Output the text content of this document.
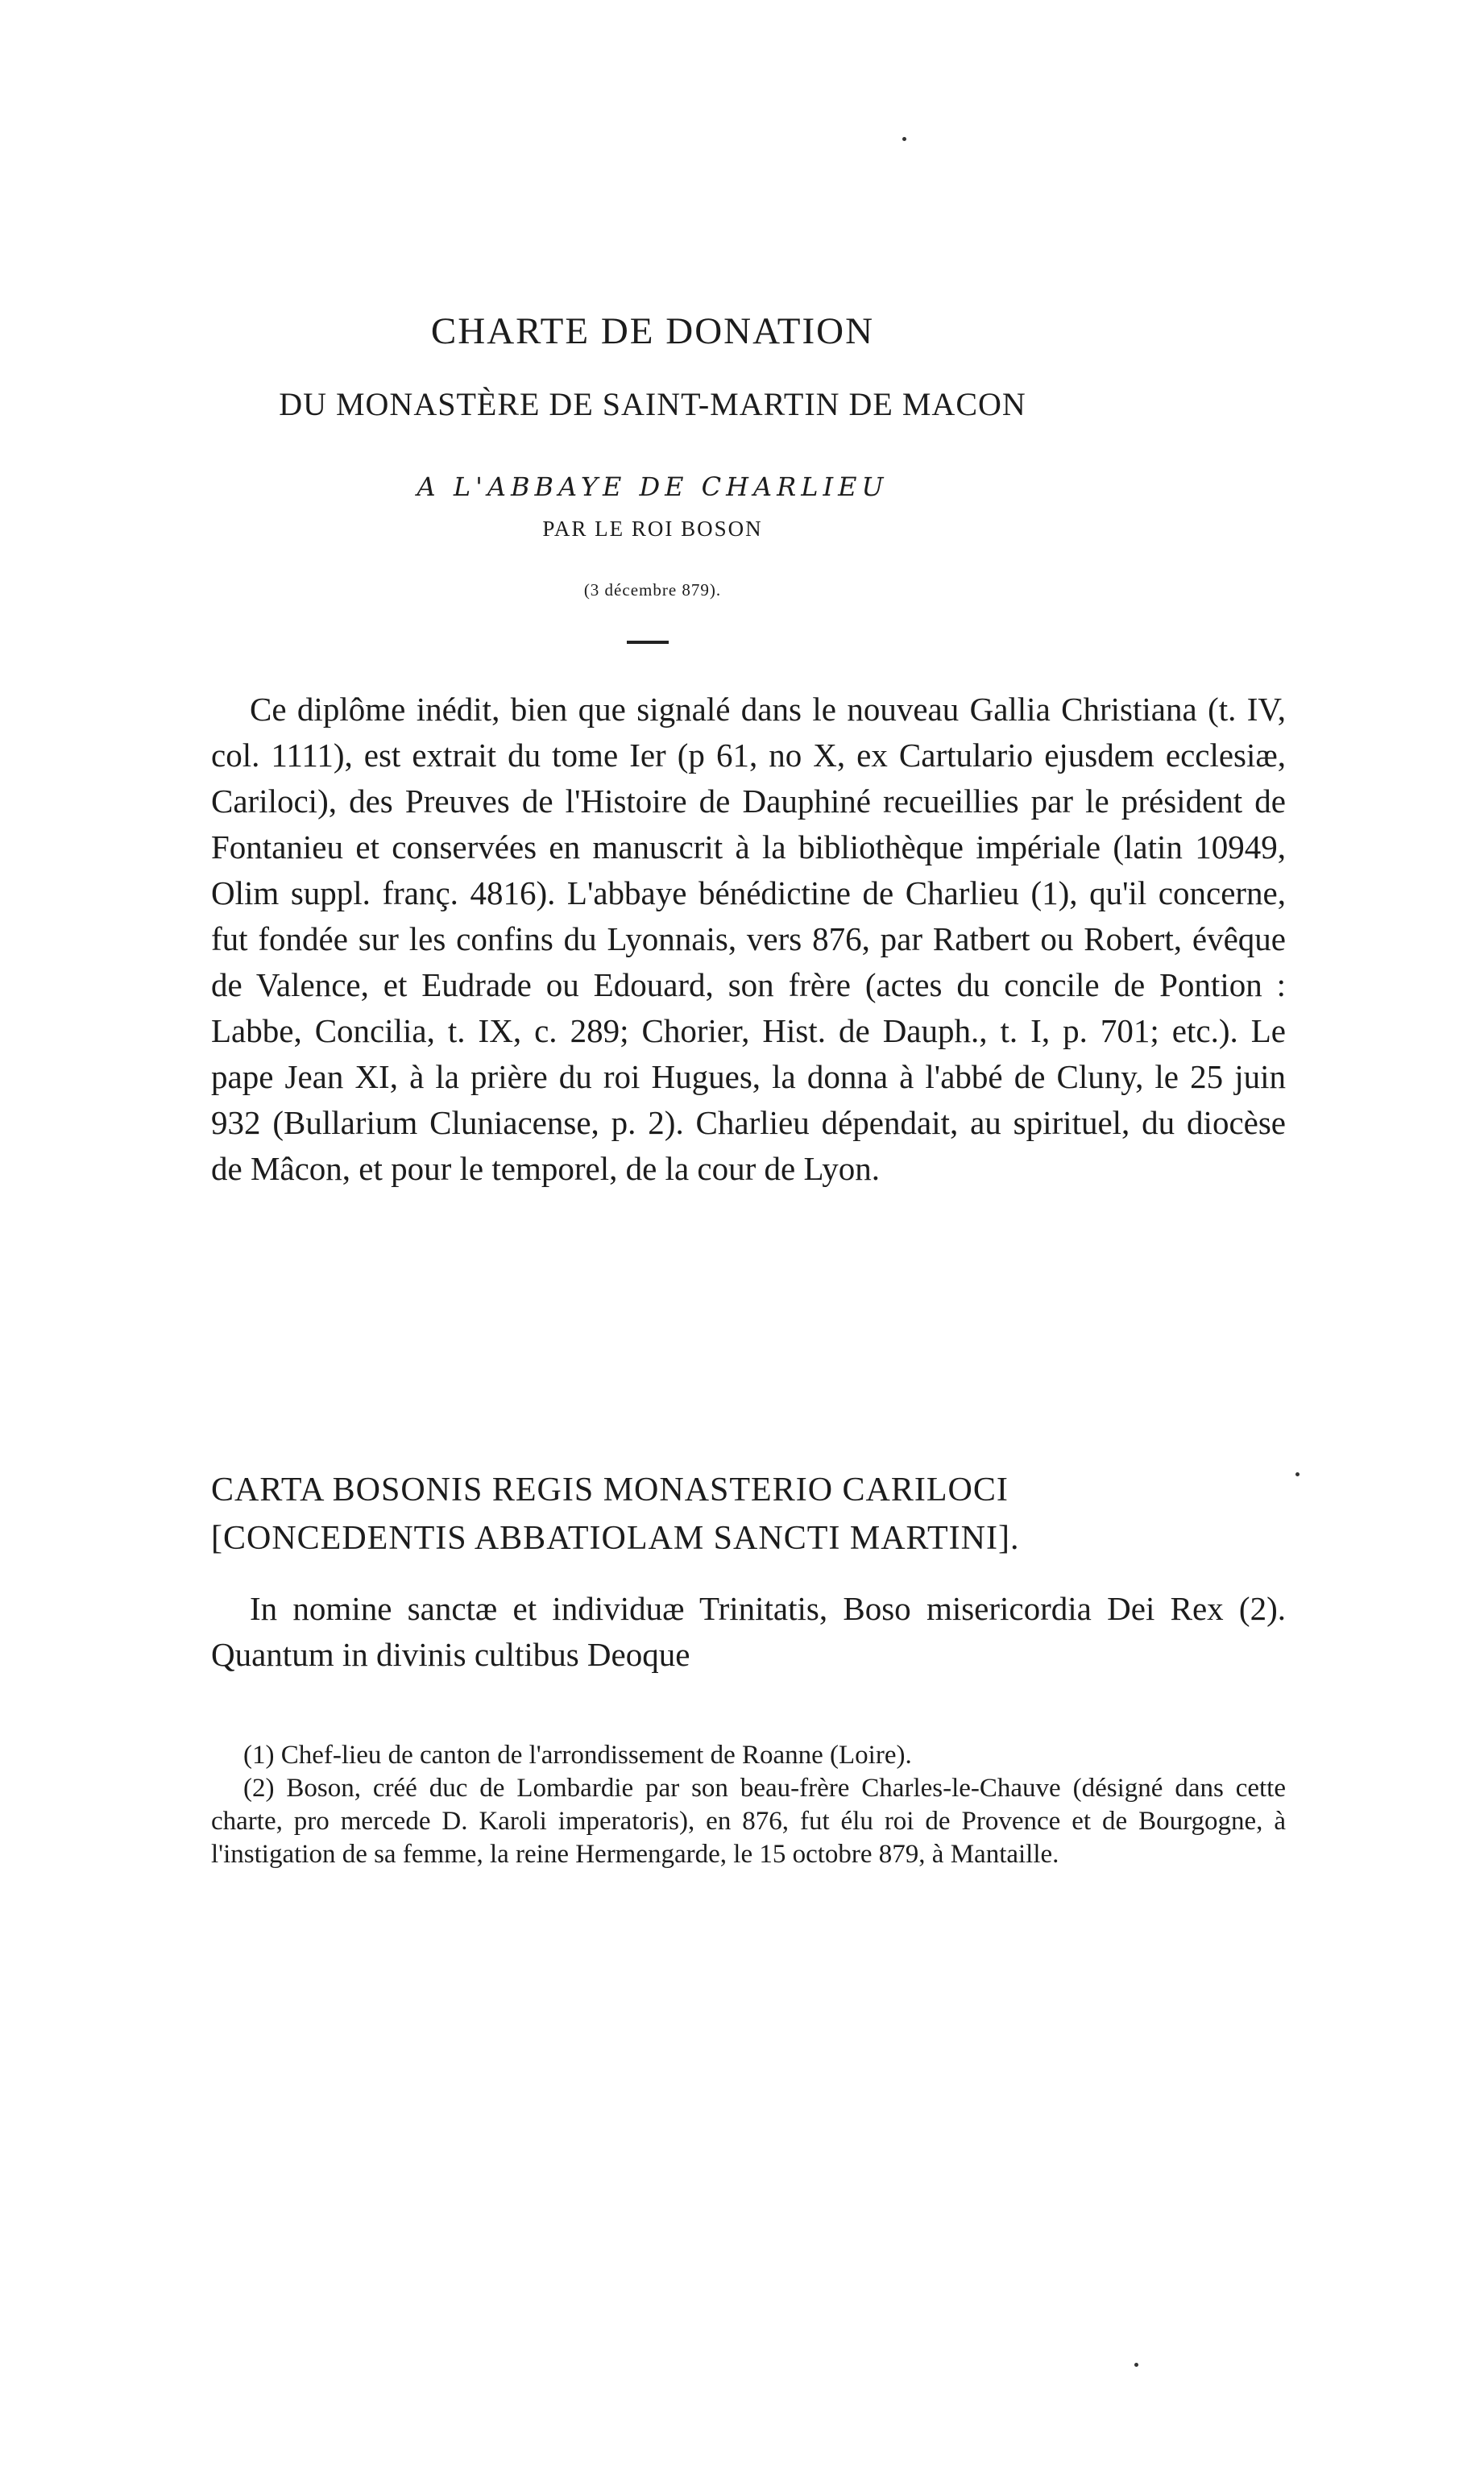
CHARTE DE DONATION
DU MONASTÈRE DE SAINT-MARTIN DE MACON
A L'ABBAYE DE CHARLIEU
PAR LE ROI BOSON
(3 décembre 879).

Ce diplôme inédit, bien que signalé dans le nouveau Gallia Christiana (t. IV, col. 1111), est extrait du tome Ier (p 61, no X, ex Cartulario ejusdem ecclesiæ, Cariloci), des Preuves de l'Histoire de Dauphiné recueillies par le président de Fontanieu et conservées en manuscrit à la bibliothèque impériale (latin 10949, Olim suppl. franç. 4816). L'abbaye bénédictine de Charlieu (1), qu'il concerne, fut fondée sur les confins du Lyonnais, vers 876, par Ratbert ou Robert, évêque de Valence, et Eudrade ou Edouard, son frère (actes du concile de Pontion : Labbe, Concilia, t. IX, c. 289; Chorier, Hist. de Dauph., t. I, p. 701; etc.). Le pape Jean XI, à la prière du roi Hugues, la donna à l'abbé de Cluny, le 25 juin 932 (Bullarium Cluniacense, p. 2). Charlieu dépendait, au spirituel, du diocèse de Mâcon, et pour le temporel, de la cour de Lyon.

CARTA BOSONIS REGIS MONASTERIO CARILOCI

[CONCEDENTIS ABBATIOLAM SANCTI MARTINI].

In nomine sanctæ et individuæ Trinitatis, Boso misericordia Dei Rex (2). Quantum in divinis cultibus Deoque

(1) Chef-lieu de canton de l'arrondissement de Roanne (Loire).

(2) Boson, créé duc de Lombardie par son beau-frère Charles-le-Chauve (désigné dans cette charte, pro mercede D. Karoli imperatoris), en 876, fut élu roi de Provence et de Bourgogne, à l'instigation de sa femme, la reine Hermengarde, le 15 octobre 879, à Mantaille.
